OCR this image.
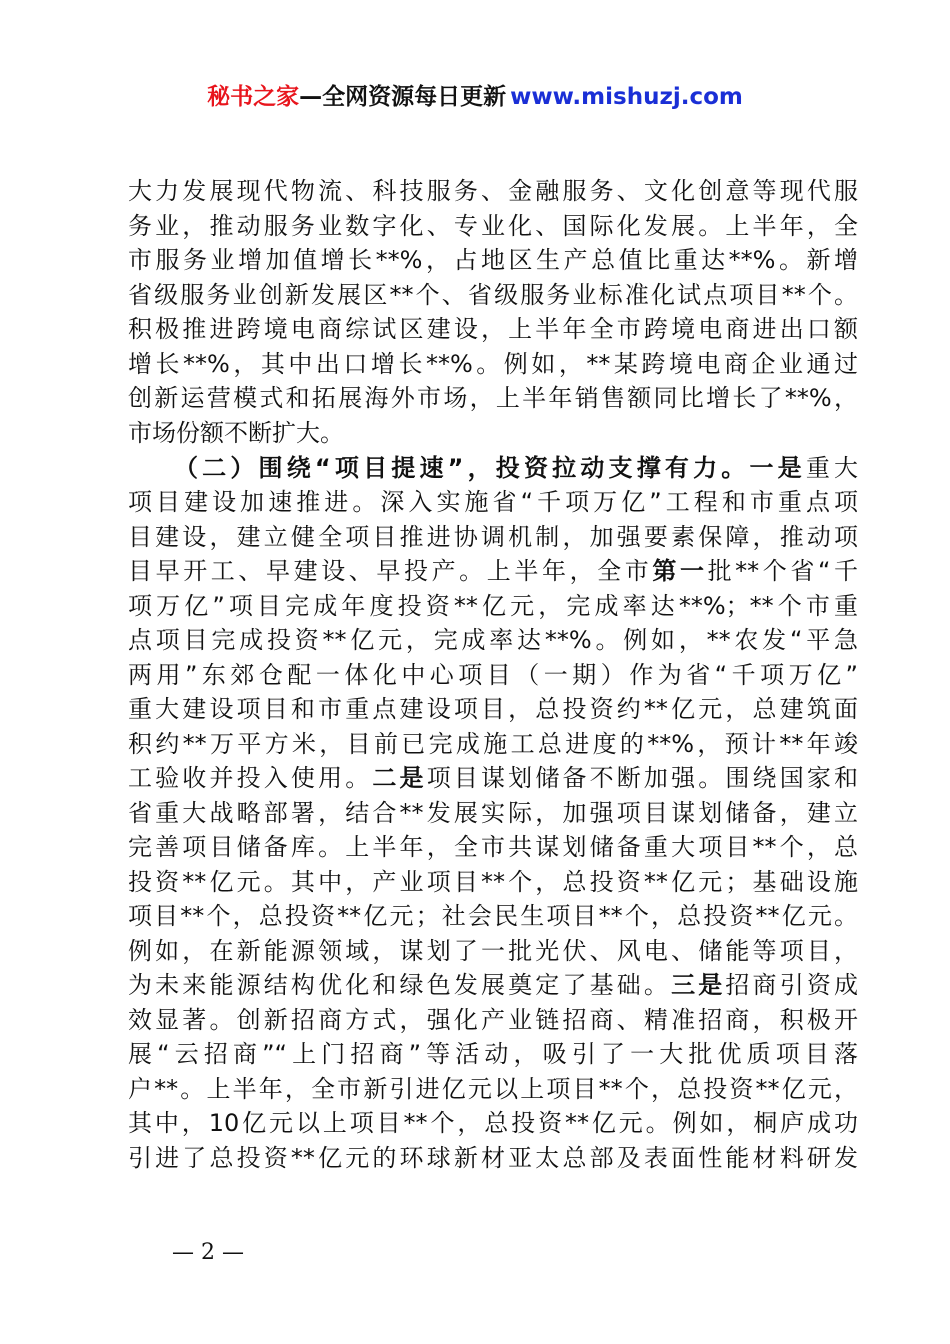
秘书之家—全网资源每日更新 www.mishuzj.com
大力发展现代物流、科技服务、金融服务、文化创意等现代服
务业，推动服务业数字化、专业化、国际化发展。上半年，全
市服务业增加值增长**%，占地区生产总值比重达**%。新增
省级服务业创新发展区**个、省级服务业标准化试点项目**个。
积极推进跨境电商综试区建设，上半年全市跨境电商进出口额
增长**%，其中出口增长**%。例如，**某跨境电商企业通过
创新运营模式和拓展海外市场，上半年销售额同比增长了**%，
市场份额不断扩大。
（二）围绕“项目提速”，投资拉动支撑有力。一是重大
项目建设加速推进。深入实施省“千项万亿”工程和市重点项
目建设，建立健全项目推进协调机制，加强要素保障，推动项
目早开工、早建设、早投产。上半年，全市第一批**个省“千
项万亿”项目完成年度投资**亿元，完成率达**%；**个市重
点项目完成投资**亿元，完成率达**%。例如，**农发“平急
两用”东郊仓配一体化中心项目（一期）作为省“千项万亿”
重大建设项目和市重点建设项目，总投资约**亿元，总建筑面
积约**万平方米，目前已完成施工总进度的**%，预计**年竣
工验收并投入使用。二是项目谋划储备不断加强。围绕国家和
省重大战略部署，结合**发展实际，加强项目谋划储备，建立
完善项目储备库。上半年，全市共谋划储备重大项目**个，总
投资**亿元。其中，产业项目**个，总投资**亿元；基础设施
项目**个，总投资**亿元；社会民生项目**个，总投资**亿元。
例如，在新能源领域，谋划了一批光伏、风电、储能等项目，
为未来能源结构优化和绿色发展奠定了基础。三是招商引资成
效显著。创新招商方式，强化产业链招商、精准招商，积极开
展“云招商”“上门招商”等活动，吸引了一大批优质项目落
户**。上半年，全市新引进亿元以上项目**个，总投资**亿元，
其中，10亿元以上项目**个，总投资**亿元。例如，桐庐成功
引进了总投资**亿元的环球新材亚太总部及表面性能材料研发
— 2 —
